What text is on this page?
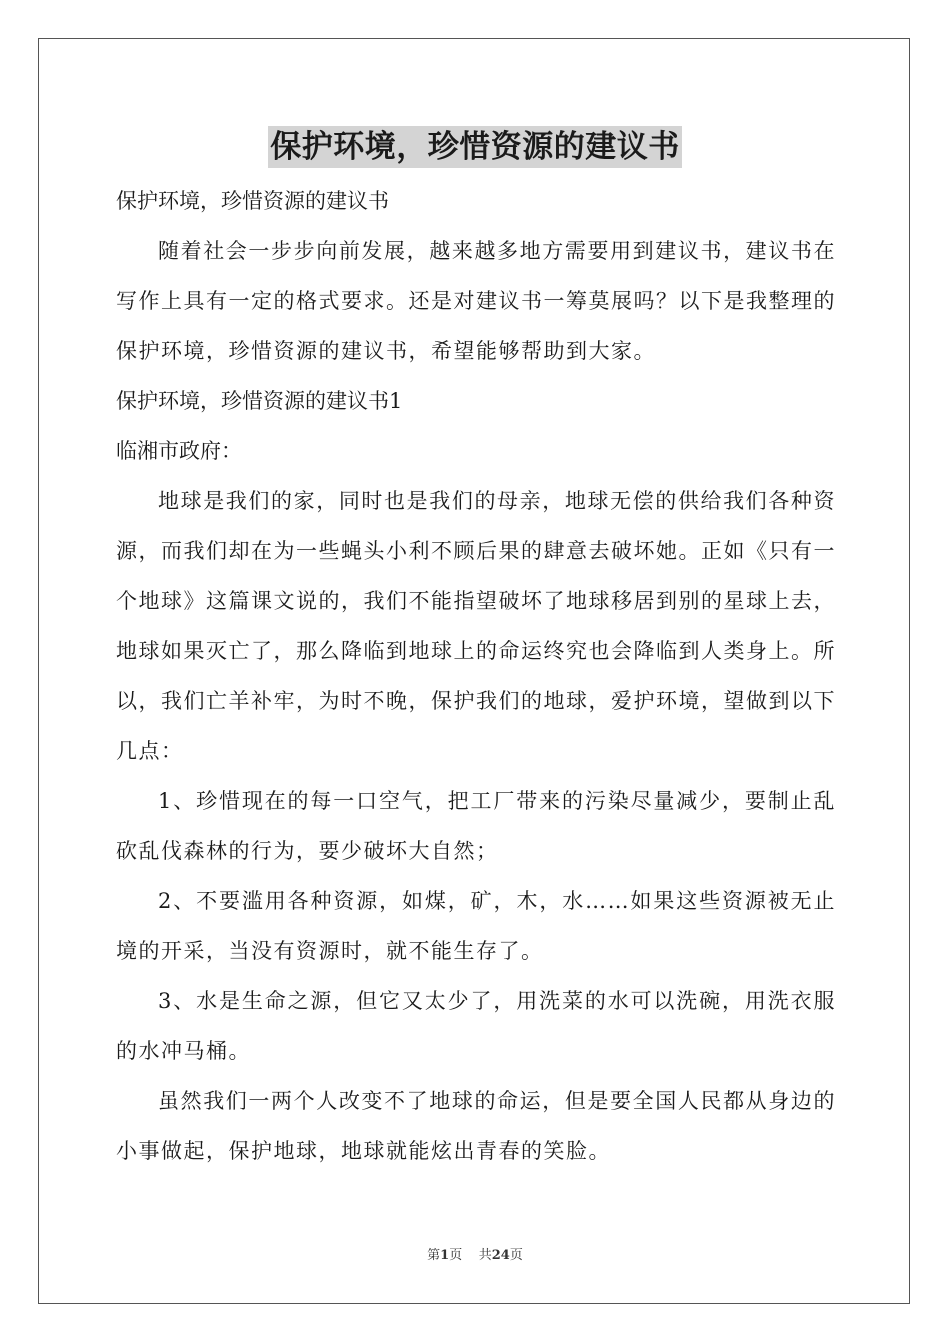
保护环境，珍惜资源的建议书
保护环境，珍惜资源的建议书

随着社会一步步向前发展，越来越多地方需要用到建议书，建议书在写作上具有一定的格式要求。还是对建议书一筹莫展吗？以下是我整理的保护环境，珍惜资源的建议书，希望能够帮助到大家。

保护环境，珍惜资源的建议书1
临湘市政府：

地球是我们的家，同时也是我们的母亲，地球无偿的供给我们各种资源，而我们却在为一些蝇头小利不顾后果的肆意去破坏她。正如《只有一个地球》这篇课文说的，我们不能指望破坏了地球移居到别的星球上去，地球如果灭亡了，那么降临到地球上的命运终究也会降临到人类身上。所以，我们亡羊补牢，为时不晚，保护我们的地球，爱护环境，望做到以下几点：

1、珍惜现在的每一口空气，把工厂带来的污染尽量减少，要制止乱砍乱伐森林的行为，要少破坏大自然；

2、不要滥用各种资源，如煤，矿，木，水……如果这些资源被无止境的开采，当没有资源时，就不能生存了。

3、水是生命之源，但它又太少了，用洗菜的水可以洗碗，用洗衣服的水冲马桶。

虽然我们一两个人改变不了地球的命运，但是要全国人民都从身边的小事做起，保护地球，地球就能炫出青春的笑脸。

第1页 共24页
